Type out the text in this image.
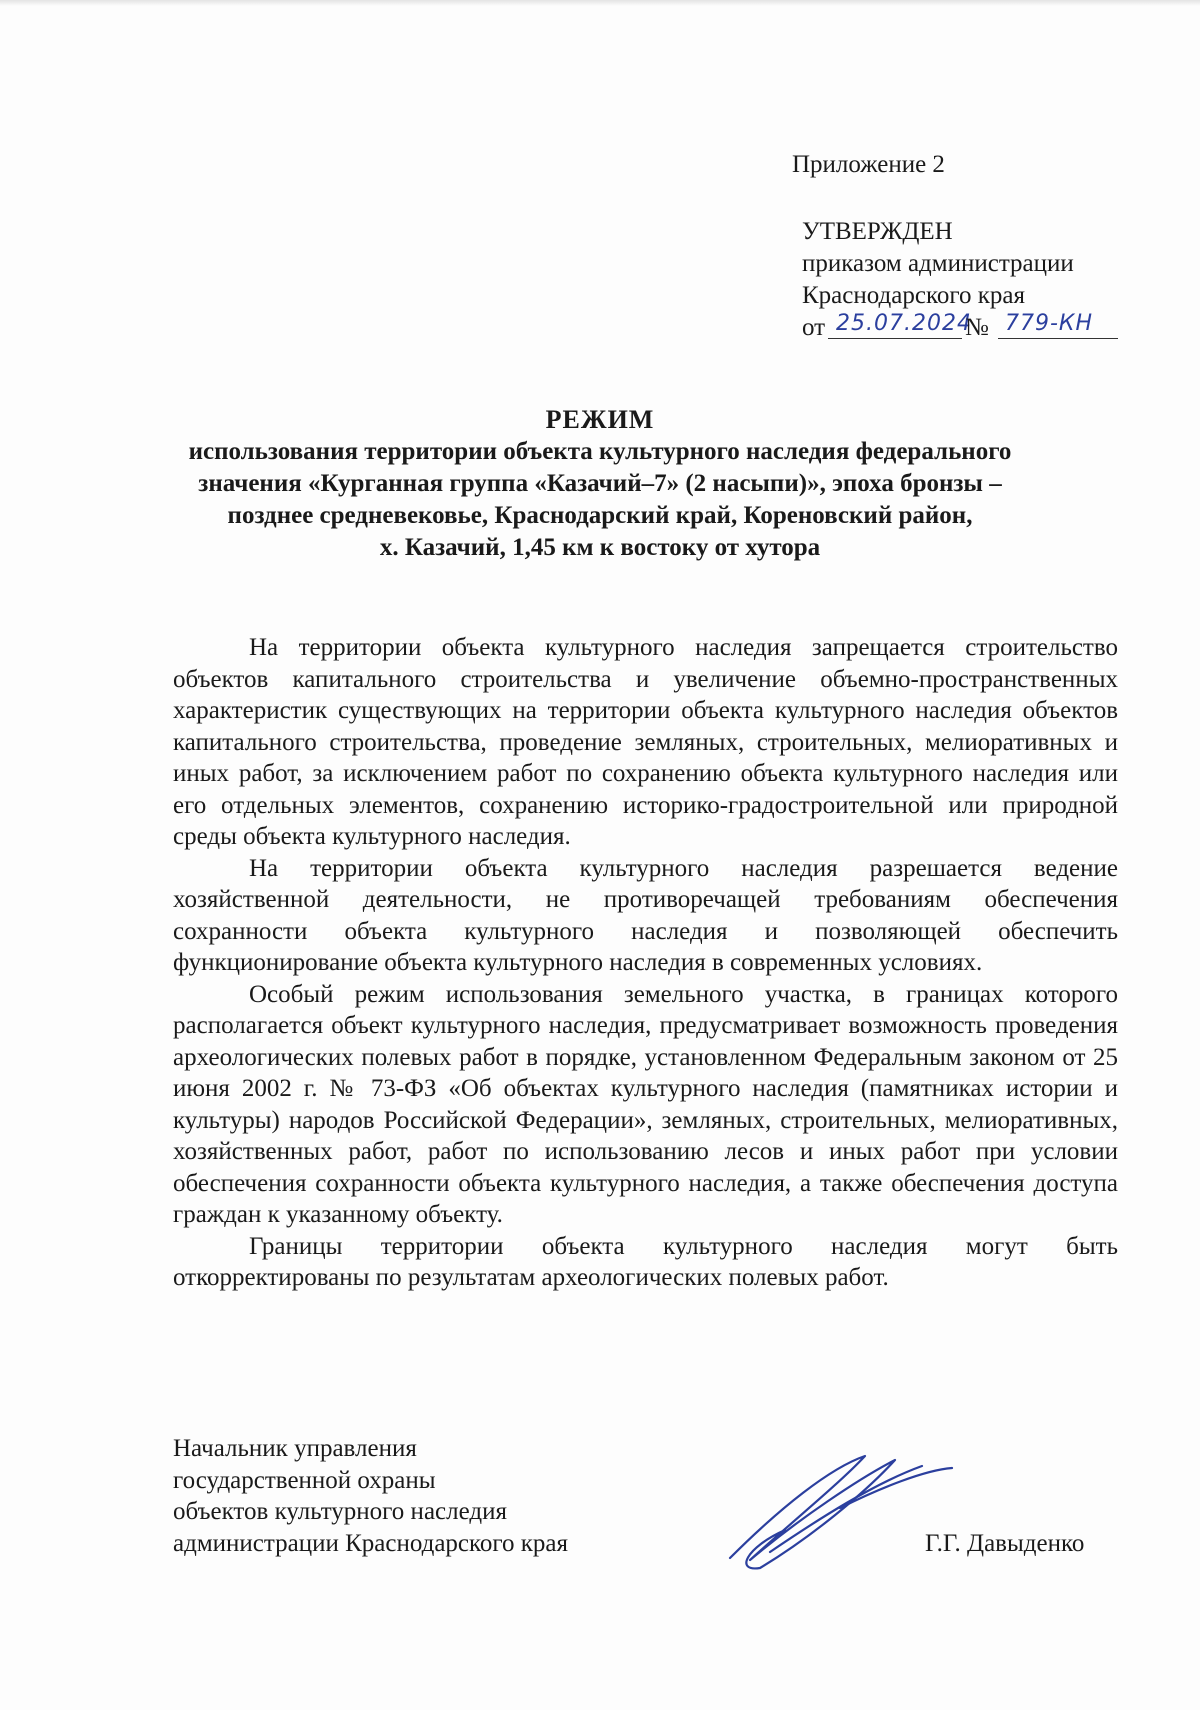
Приложение 2
УТВЕРЖДЕН
приказом администрации
Краснодарского края
от 25.07.2024
№ 779-КН
РЕЖИМ
использования территории объекта культурного наследия федерального
значения «Курганная группа «Казачий–7» (2 насыпи)», эпоха бронзы –
позднее средневековье, Краснодарский край, Кореновский район,
х. Казачий, 1,45 км к востоку от хутора

На территории объекта культурного наследия запрещается строительство объектов капитального строительства и увеличение объемно-пространственных характеристик существующих на территории объекта культурного наследия объектов капитального строительства, проведение земляных, строительных, мелиоративных и иных работ, за исключением работ по сохранению объекта культурного наследия или его отдельных элементов, сохранению историко-градостроительной или природной среды объекта культурного наследия.

На территории объекта культурного наследия разрешается ведение хозяйственной деятельности, не противоречащей требованиям обеспечения сохранности объекта культурного наследия и позволяющей обеспечить функционирование объекта культурного наследия в современных условиях.

Особый режим использования земельного участка, в границах которого располагается объект культурного наследия, предусматривает возможность проведения археологических полевых работ в порядке, установленном Федеральным законом от 25 июня 2002 г. № 73-ФЗ «Об объектах культурного наследия (памятниках истории и культуры) народов Российской Федерации», земляных, строительных, мелиоративных, хозяйственных работ, работ по использованию лесов и иных работ при условии обеспечения сохранности объекта культурного наследия, а также обеспечения доступа граждан к указанному объекту.

Границы территории объекта культурного наследия могут быть откорректированы по результатам археологических полевых работ.

Начальник управления
государственной охраны
объектов культурного наследия
администрации Краснодарского края	Г.Г. Давыденко
